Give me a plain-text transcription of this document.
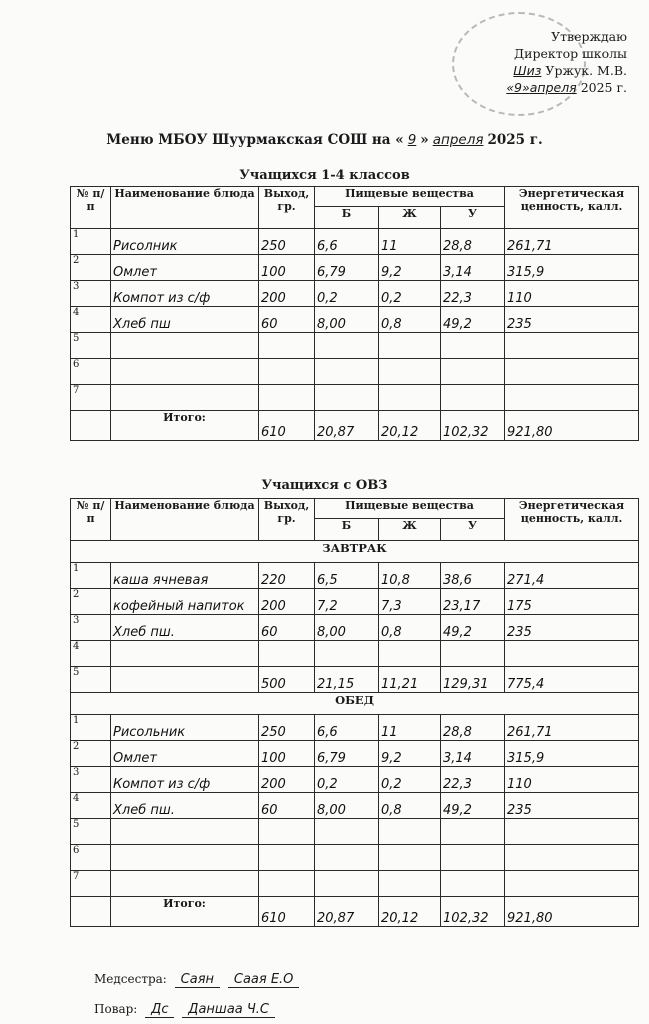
Утверждаю
Директор школы
Шиз Уржук. М.В.
«9»апреля 2025 г.
Меню МБОУ Шуурмакская СОШ на « 9 » апреля 2025 г.
Учащихся 1-4 классов
№ п/п	Наименование блюда	Выход, гр.	Пищевые вещества			Энергетическая ценность, калл.
			Б	Ж	У	
1	Рисолник	250	6,6	11	28,8	261,71
2	Омлет	100	6,79	9,2	3,14	315,9
3	Компот из с/ф	200	0,2	0,2	22,3	110
4	Хлеб пш	60	8,00	0,8	49,2	235
5						
6						
7						
	Итого:	610	20,87	20,12	102,32	921,80
Учащихся с ОВЗ
№ п/п	Наименование блюда	Выход, гр.	Пищевые вещества			Энергетическая ценность, калл.
			Б	Ж	У	
ЗАВТРАК						
1	каша ячневая	220	6,5	10,8	38,6	271,4
2	кофейный напиток	200	7,2	7,3	23,17	175
3	Хлеб пш.	60	8,00	0,8	49,2	235
4						
5		500	21,15	11,21	129,31	775,4
ОБЕД						
1	Рисольник	250	6,6	11	28,8	261,71
2	Омлет	100	6,79	9,2	3,14	315,9
3	Компот из с/ф	200	0,2	0,2	22,3	110
4	Хлеб пш.	60	8,00	0,8	49,2	235
5						
6						
7						
	Итого:	610	20,87	20,12	102,32	921,80
Медсестра: Саян Саая Е.О
Повар: Дс Даншаа Ч.С
